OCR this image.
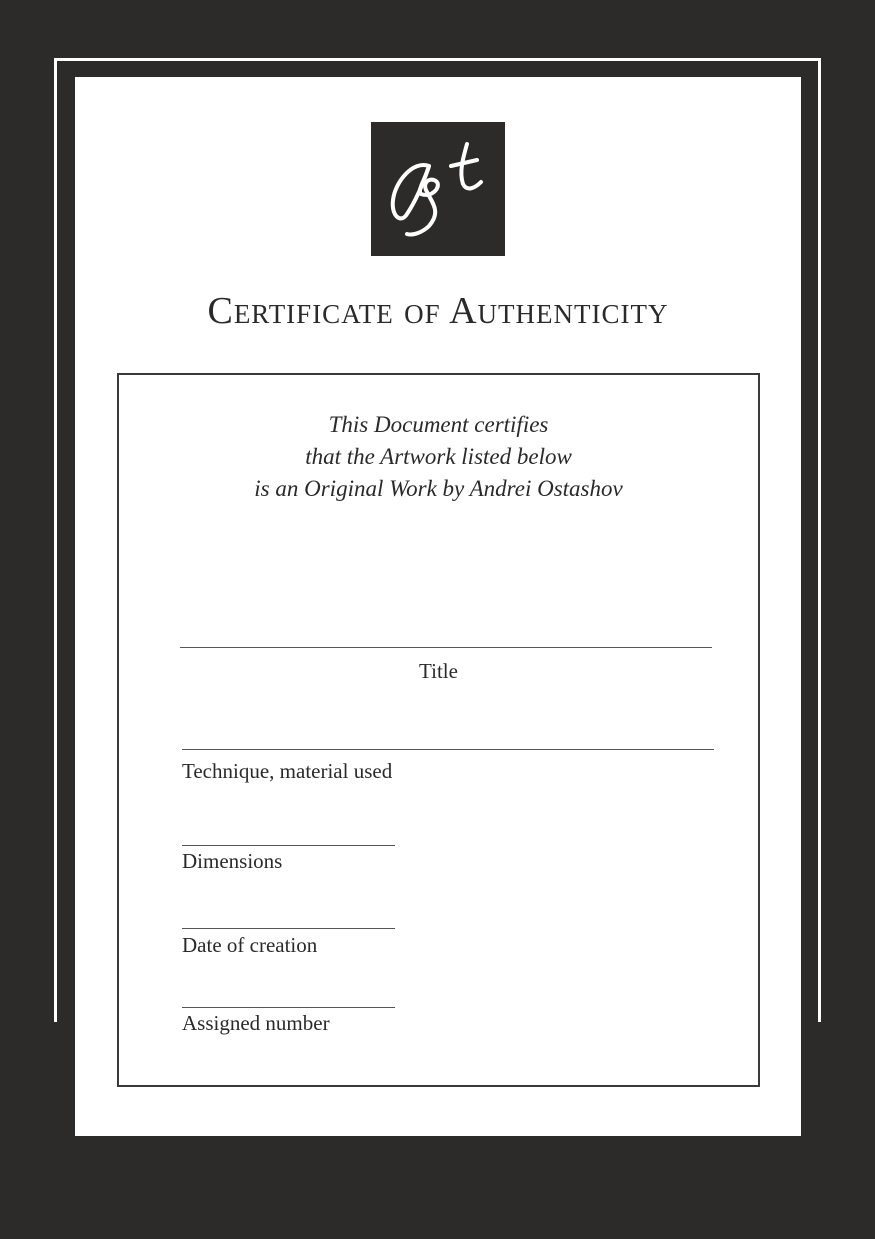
Certificate of Authenticity
This Document certifies
that the Artwork listed below
is an Original Work by Andrei Ostashov
Title
Technique, material used
Dimensions
Date of creation
Assigned number
